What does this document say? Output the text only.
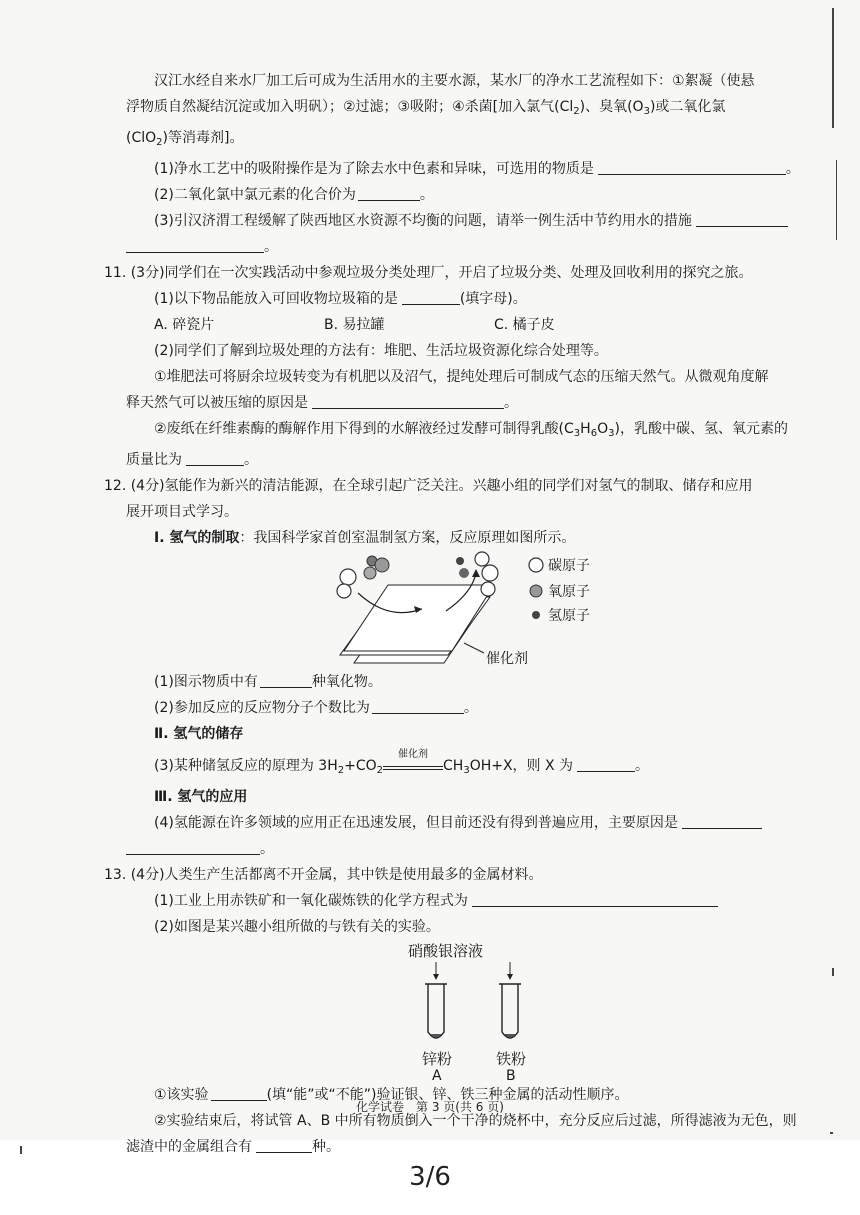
汉江水经自来水厂加工后可成为生活用水的主要水源，某水厂的净水工艺流程如下：①絮凝（使悬
浮物质自然凝结沉淀或加入明矾）；②过滤；③吸附；④杀菌[加入氯气$(Cl_2)$、臭氧$(O_3)$或二氧化氯
(ClO$_2$)等消毒剂]。
(1)净水工艺中的吸附操作是为了除去水中色素和异味，可选用的物质是	。
(2)二氧化氯中氯元素的化合价为	。
(3)引汉济渭工程缓解了陕西地区水资源不均衡的问题，请举一例生活中节约用水的措施
。
11. (3分)同学们在一次实践活动中参观垃圾分类处理厂，开启了垃圾分类、处理及回收利用的探究之旅。
(1)以下物品能放入可回收物垃圾箱的是	(填字母)。
A. 碎瓷片	B. 易拉罐	C. 橘子皮
(2)同学们了解到垃圾处理的方法有：堆肥、生活垃圾资源化综合处理等。
①堆肥法可将厨余垃圾转变为有机肥以及沼气，提纯处理后可制成气态的压缩天然气。从微观角度解
释天然气可以被压缩的原因是	。
②废纸在纤维素酶的酶解作用下得到的水解液经过发酵可制得乳酸$(C_3H_6O_3)$，乳酸中碳、氢、氧元素的
质量比为	。
12. (4分)氢能作为新兴的清洁能源，在全球引起广泛关注。兴趣小组的同学们对氢气的制取、储存和应用
展开项目式学习。
Ⅰ. 氢气的制取：我国科学家首创室温制氢方案，反应原理如图所示。
碳原子
氧原子
氢原子
催化剂
(1)图示物质中有	种氧化物。
(2)参加反应的反应物分子个数比为	。
Ⅱ. 氢气的储存
(3)某种储氢反应的原理为 $3H_2+CO_2$
催化剂
$CH_3OH+X$，则 X 为	。
Ⅲ. 氢气的应用
(4)氢能源在许多领域的应用正在迅速发展，但目前还没有得到普遍应用，主要原因是
。
13. (4分)人类生产生活都离不开金属，其中铁是使用最多的金属材料。
(1)工业上用赤铁矿和一氧化碳炼铁的化学方程式为
(2)如图是某兴趣小组所做的与铁有关的实验。
硝酸银溶液
锌粉
A
铁粉
B
①该实验	(填“能”或“不能”)验证银、锌、铁三种金属的活动性顺序。
②实验结束后，将试管 A、B 中所有物质倒入一个干净的烧杯中，充分反应后过滤，所得滤液为无色，则
滤渣中的金属组合有	种。
化学试卷　第 3 页(共 6 页)
3/6
